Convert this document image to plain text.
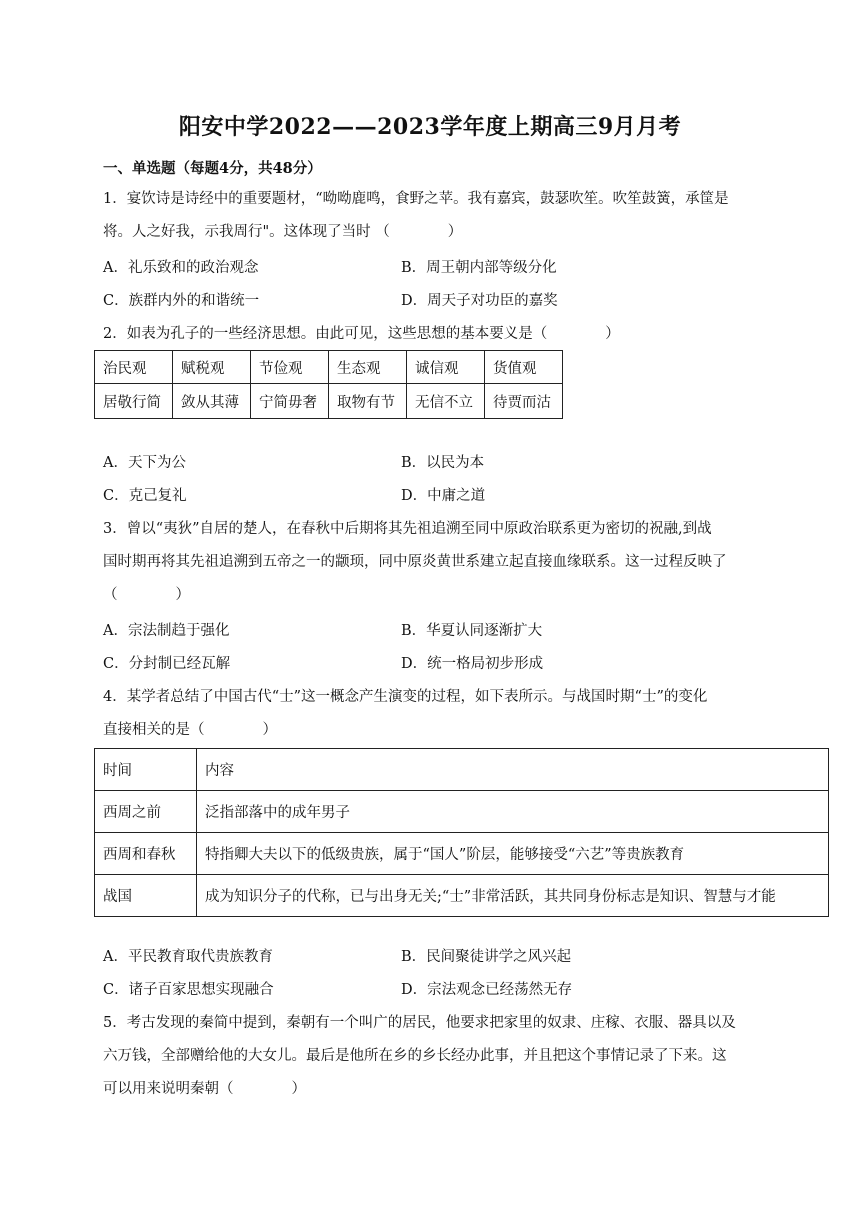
阳安中学2022——2023学年度上期高三9月月考
一、单选题（每题4分，共48分）
1．宴饮诗是诗经中的重要题材，“呦呦鹿鸣，食野之苹。我有嘉宾，鼓瑟吹笙。吹笙鼓簧，承筐是
将。人之好我，示我周行"。这体现了当时 （　　　　）
A．礼乐致和的政治观念	B．周王朝内部等级分化
C．族群内外的和谐统一	D．周天子对功臣的嘉奖
2．如表为孔子的一些经济思想。由此可见，这些思想的基本要义是（　　　　）
治民观	赋税观	节俭观	生态观	诚信观	货值观
居敬行简	敛从其薄	宁简毋奢	取物有节	无信不立	待贾而沽
A．天下为公	B．以民为本
C．克己复礼	D．中庸之道
3．曾以“夷狄”自居的楚人，在春秋中后期将其先祖追溯至同中原政治联系更为密切的祝融,到战
国时期再将其先祖追溯到五帝之一的颛顼，同中原炎黄世系建立起直接血缘联系。这一过程反映了
（　　　　）
A．宗法制趋于强化	B．华夏认同逐渐扩大
C．分封制已经瓦解	D．统一格局初步形成
4．某学者总结了中国古代“士”这一概念产生演变的过程，如下表所示。与战国时期“士”的变化
直接相关的是（　　　　）
时间	内容
西周之前	泛指部落中的成年男子
西周和春秋	特指卿大夫以下的低级贵族，属于“国人”阶层，能够接受“六艺”等贵族教育
战国	成为知识分子的代称，已与出身无关;“士”非常活跃，其共同身份标志是知识、智慧与才能
A．平民教育取代贵族教育	B．民间聚徒讲学之风兴起
C．诸子百家思想实现融合	D．宗法观念已经荡然无存
5．考古发现的秦简中提到，秦朝有一个叫广的居民，他要求把家里的奴隶、庄稼、衣服、器具以及
六万钱，全部赠给他的大女儿。最后是他所在乡的乡长经办此事，并且把这个事情记录了下来。这
可以用来说明秦朝（　　　　）
